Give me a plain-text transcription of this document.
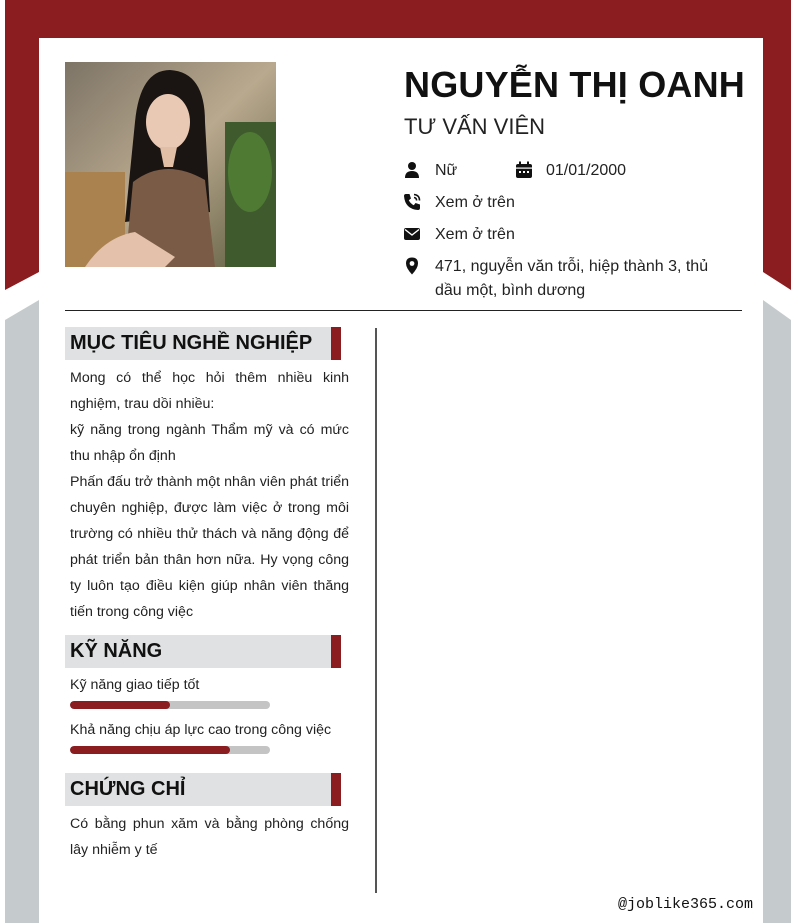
NGUYỄN THỊ OANH
TƯ VẤN VIÊN
Nữ	01/01/2000
Xem ở trên
Xem ở trên
471, nguyễn văn trỗi, hiệp thành 3, thủ
dầu một, bình dương
MỤC TIÊU NGHỀ NGHIỆP

Mong có thể học hỏi thêm nhiều kinh nghiệm, trau dồi nhiều:

kỹ năng trong ngành Thẩm mỹ và có mức thu nhập ổn định

Phấn đấu trở thành một nhân viên phát triển chuyên nghiệp, được làm việc ở trong môi trường có nhiều thử thách và năng động để phát triển bản thân hơn nữa. Hy vọng công ty luôn tạo điều kiện giúp nhân viên thăng tiến trong công việc

KỸ NĂNG
Kỹ năng giao tiếp tốt
Khả năng chịu áp lực cao trong công việc
CHỨNG CHỈ
Có bằng phun xăm và bằng phòng chống lây nhiễm y tế
@joblike365.com
